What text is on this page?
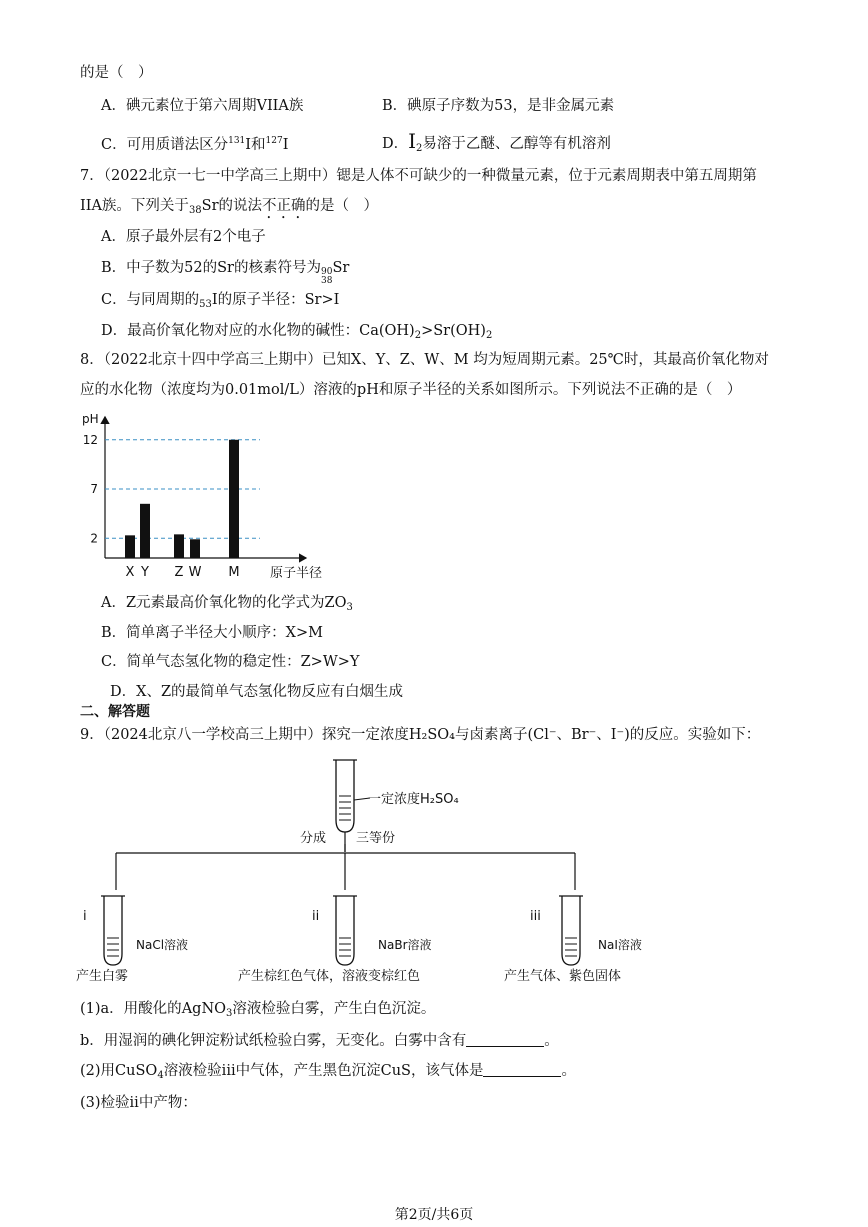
的是（　）
A．碘元素位于第六周期VIIA族	B．碘原子序数为53，是非金属元素
C．可用质谱法区分$^{131}$I和$^{127}$I	D．$I_2$易溶于乙醚、乙醇等有机溶剂
7．（2022北京一七一中学高三上期中）锶是人体不可缺少的一种微量元素，位于元素周期表中第五周期第
IIA族。下列关于$_{38}$Sr的说法不正确的是（　）
A．原子最外层有2个电子
B．中子数为52的Sr的核素符号为 90
38
Sr
C．与同周期的$_{53}$I的原子半径：Sr>I
D．最高价氧化物对应的水化物的碱性：$Ca(OH)_2>Sr(OH)_2$
8．（2022北京十四中学高三上期中）已知X、Y、Z、W、M 均为短周期元素。25℃时，其最高价氧化物对
应的水化物（浓度均为0.01mol/L）溶液的pH和原子半径的关系如图所示。下列说法不正确的是（　）
pH
原子半径
2
7
12
X Y Z W M
A．Z元素最高价氧化物的化学式为$ZO_3$
B．简单离子半径大小顺序：X>M
C．简单气态氢化物的稳定性：Z>W>Y
D．X、Z的最简单气态氢化物反应有白烟生成
二、解答题
9．（2024北京八一学校高三上期中）探究一定浓度H₂SO₄与卤素离子(Cl⁻、Br⁻、I⁻)的反应。实验如下：
一定浓度H₂SO₄
分成 三等份
i
NaCl溶液
产生白雾
ii
NaBr溶液
产生棕红色气体，溶液变棕红色
iii
NaI溶液
产生气体、紫色固体
(1)a．用酸化的AgNO$_3$溶液检验白雾，产生白色沉淀。
b．用湿润的碘化钾淀粉试纸检验白雾，无变化。白雾中含有	。
(2)用CuSO$_4$溶液检验iii中气体，产生黑色沉淀CuS，该气体是	。
(3)检验ii中产物：
第2页/共6页
